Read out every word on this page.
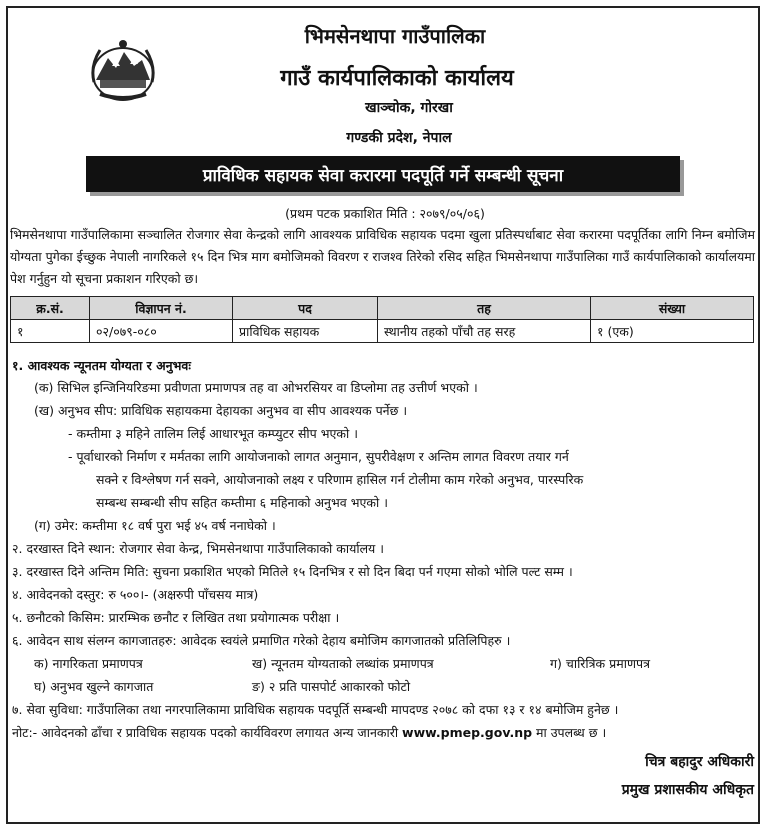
भिमसेनथापा गाउँपालिका
गाउँ कार्यपालिकाको कार्यालय
खाञ्चोक, गोरखा
गण्डकी प्रदेश, नेपाल
प्राविधिक सहायक सेवा करारमा पदपूर्ति गर्ने सम्बन्धी सूचना
(प्रथम पटक प्रकाशित मिति : २०७९/०५/०६)
भिमसेनथापा गाउँपालिकामा सञ्चालित रोजगार सेवा केन्द्रको लागि आवश्यक प्राविधिक सहायक पदमा खुला प्रतिस्पर्धाबाट सेवा करारमा पदपूर्तिका लागि निम्न बमोजिम योग्यता पुगेका ईच्छुक नेपाली नागरिकले १५ दिन भित्र माग बमोजिमको विवरण र राजश्व तिरेको रसिद सहित भिमसेनथापा गाउँपालिका गाउँ कार्यपालिकाको कार्यालयमा पेश गर्नुहुन यो सूचना प्रकाशन गरिएको छ।
क्र.सं.	विज्ञापन नं.	पद	तह	संख्या
१	०२/०७९-०८०	प्राविधिक सहायक	स्थानीय तहको पाँचौ तह सरह	१ (एक)
१. आवश्यक न्यूनतम योग्यता र अनुभवः
(क) सिभिल इन्जिनियरिङमा प्रवीणता प्रमाणपत्र तह वा ओभरसियर वा डिप्लोमा तह उत्तीर्ण भएको ।
(ख) अनुभव सीप: प्राविधिक सहायकमा देहायका अनुभव वा सीप आवश्यक पर्नेछ ।
- कम्तीमा ३ महिने तालिम लिई आधारभूत कम्प्युटर सीप भएको ।
- पूर्वाधारको निर्माण र मर्मतका लागि आयोजनाको लागत अनुमान, सुपरीवेक्षण र अन्तिम लागत विवरण तयार गर्न
सक्ने र विश्लेषण गर्न सक्ने, आयोजनाको लक्ष्य र परिणाम हासिल गर्न टोलीमा काम गरेको अनुभव, पारस्परिक
सम्बन्ध सम्बन्धी सीप सहित कम्तीमा ६ महिनाको अनुभव भएको ।
(ग) उमेर: कम्तीमा १८ वर्ष पुरा भई ४५ वर्ष ननाघेको ।
२. दरखास्त दिने स्थान: रोजगार सेवा केन्द्र, भिमसेनथापा गाउँपालिकाको कार्यालय ।
३. दरखास्त दिने अन्तिम मिति: सुचना प्रकाशित भएको मितिले १५ दिनभित्र र सो दिन बिदा पर्न गएमा सोको भोलि पल्ट सम्म ।
४. आवेदनको दस्तुर: रु ५००।- (अक्षरुपी पाँचसय मात्र)
५. छनौटको किसिम: प्रारम्भिक छनौट र लिखित तथा प्रयोगात्मक परीक्षा ।
६. आवेदन साथ संलग्न कागजातहरु: आवेदक स्वयंले प्रमाणित गरेको देहाय बमोजिम कागजातको प्रतिलिपिहरु ।
क) नागरिकता प्रमाणपत्र	ख) न्यूनतम योग्यताको लब्धांक प्रमाणपत्र	ग) चारित्रिक प्रमाणपत्र
घ) अनुभव खुल्ने कागजात	ङ) २ प्रति पासपोर्ट आकारको फोटो
७. सेवा सुविधा: गाउँपालिका तथा नगरपालिकामा प्राविधिक सहायक पदपूर्ति सम्बन्धी मापदण्ड २०७८ को दफा १३ र १४ बमोजिम हुनेछ ।
नोट:- आवेदनको ढाँचा र प्राविधिक सहायक पदको कार्यविवरण लगायत अन्य जानकारी www.pmep.gov.np मा उपलब्ध छ ।
चित्र बहादुर अधिकारी
प्रमुख प्रशासकीय अधिकृत
